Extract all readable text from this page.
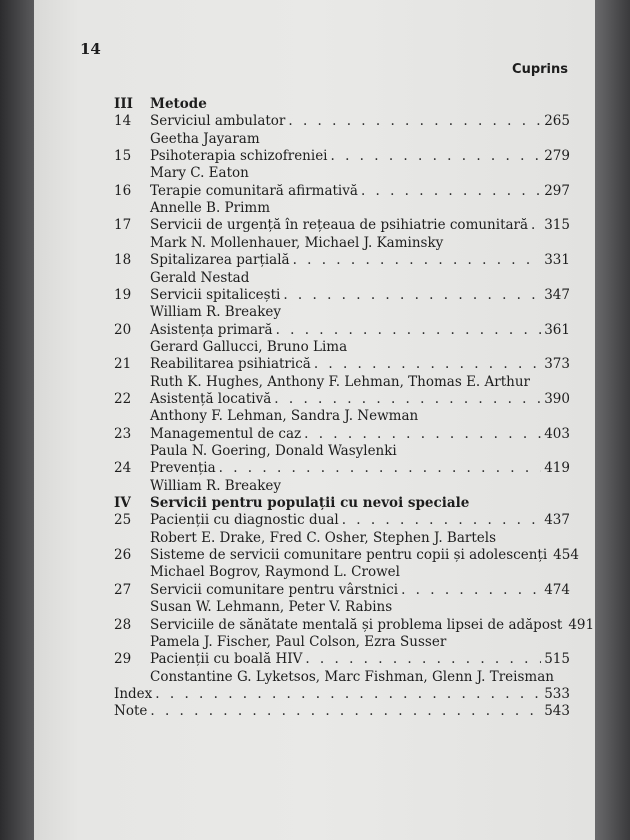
14
Cuprins
III	Metode
14	Serviciul ambulator . . .	265
Geetha Jayaram
15	Psihoterapia schizofreniei . . .	279
Mary C. Eaton
16	Terapie comunitară afirmativă . . .	297
Annelle B. Primm
17	Servicii de urgență în rețeaua de psihiatrie comunitară . . . 315
Mark N. Mollenhauer, Michael J. Kaminsky
18	Spitalizarea parțială . . .	331
Gerald Nestad
19	Servicii spitalicești . . .	347
William R. Breakey
20	Asistența primară . . .	361
Gerard Gallucci, Bruno Lima
21	Reabilitarea psihiatrică . . .	373
Ruth K. Hughes, Anthony F. Lehman, Thomas E. Arthur
22	Asistență locativă . . .	390
Anthony F. Lehman, Sandra J. Newman
23	Managementul de caz . . .	403
Paula N. Goering, Donald Wasylenki
24	Prevenția . . .	419
William R. Breakey
IV	Servicii pentru populații cu nevoi speciale
25	Pacienții cu diagnostic dual . . .	437
Robert E. Drake, Fred C. Osher, Stephen J. Bartels
26	Sisteme de servicii comunitare pentru copii și adolescenți 454
Michael Bogrov, Raymond L. Crowel
27	Servicii comunitare pentru vârstnici . . .	474
Susan W. Lehmann, Peter V. Rabins
28	Serviciile de sănătate mentală și problema lipsei de adăpost 491
Pamela J. Fischer, Paul Colson, Ezra Susser
29	Pacienții cu boală HIV . . .	515
Constantine G. Lyketsos, Marc Fishman, Glenn J. Treisman
Index . . .	533
Note . . .	543
